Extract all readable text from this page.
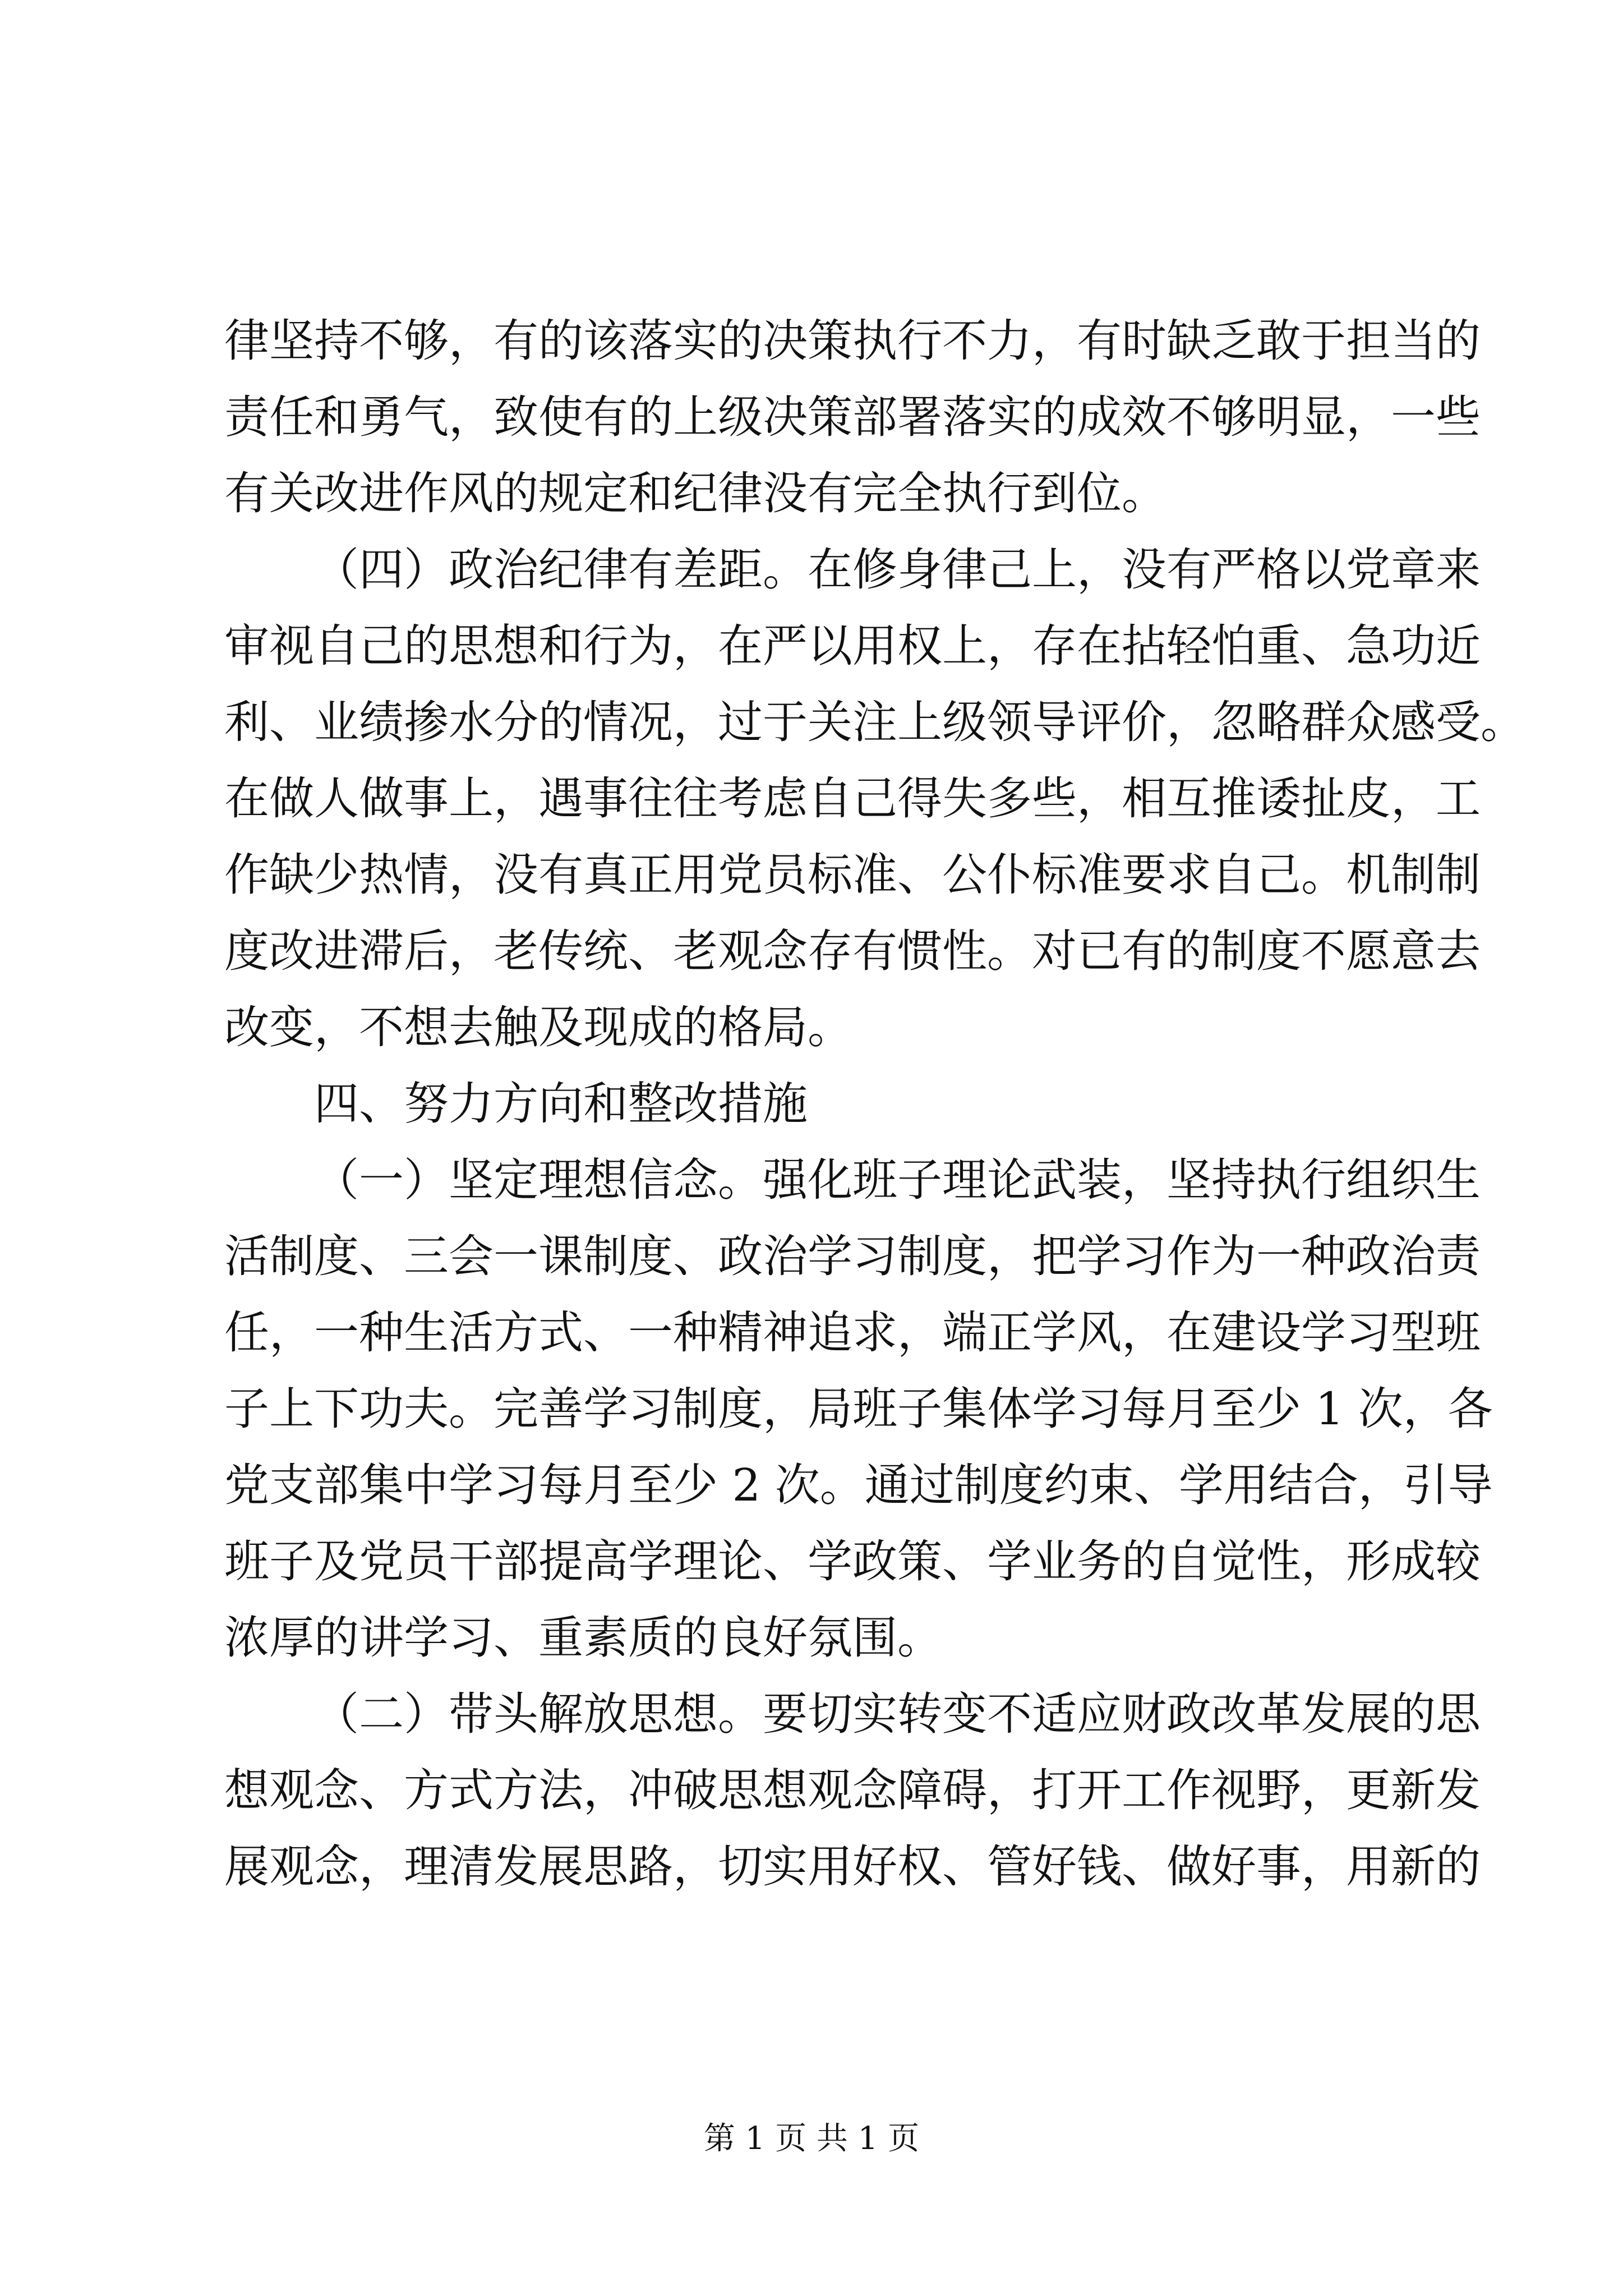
律坚持不够，有的该落实的决策执行不力，有时缺乏敢于担当的
责任和勇气，致使有的上级决策部署落实的成效不够明显，一些
有关改进作风的规定和纪律没有完全执行到位。
（四）政治纪律有差距。在修身律己上，没有严格以党章来
审视自己的思想和行为，在严以用权上，存在拈轻怕重、急功近
利、业绩掺水分的情况，过于关注上级领导评价，忽略群众感受。
在做人做事上，遇事往往考虑自己得失多些，相互推诿扯皮，工
作缺少热情，没有真正用党员标准、公仆标准要求自己。机制制
度改进滞后，老传统、老观念存有惯性。对已有的制度不愿意去
改变，不想去触及现成的格局。
四、努力方向和整改措施
（一）坚定理想信念。强化班子理论武装，坚持执行组织生
活制度、三会一课制度、政治学习制度，把学习作为一种政治责
任，一种生活方式、一种精神追求，端正学风，在建设学习型班
子上下功夫。完善学习制度，局班子集体学习每月至少 1 次，各
党支部集中学习每月至少 2 次。通过制度约束、学用结合，引导
班子及党员干部提高学理论、学政策、学业务的自觉性，形成较
浓厚的讲学习、重素质的良好氛围。
（二）带头解放思想。要切实转变不适应财政改革发展的思
想观念、方式方法，冲破思想观念障碍，打开工作视野，更新发
展观念，理清发展思路，切实用好权、管好钱、做好事，用新的
第 1 页 共 1 页
